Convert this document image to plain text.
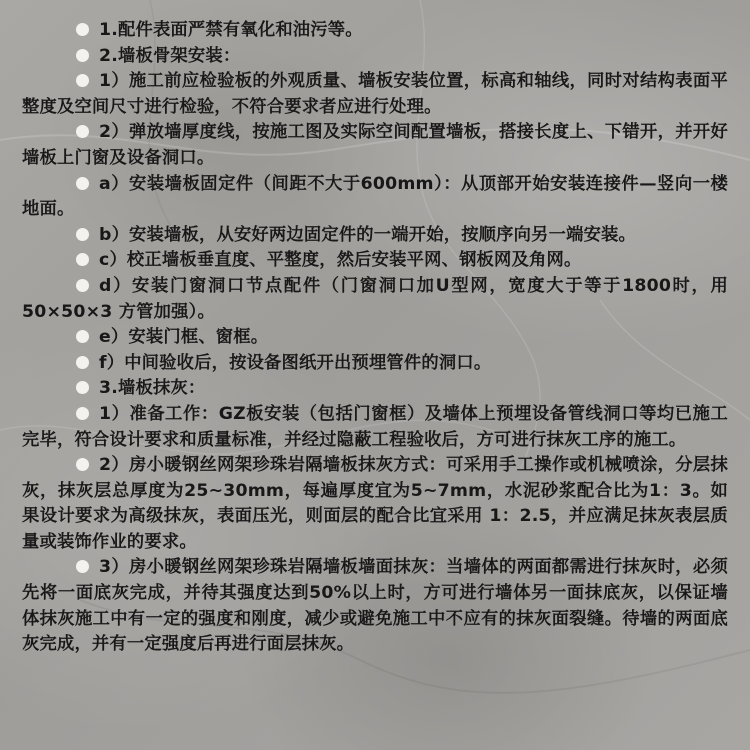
1.配件表面严禁有氧化和油污等。

2.墙板骨架安装：

1）施工前应检验板的外观质量、墙板安装位置，标高和轴线，同时对结构表面平整度及空间尺寸进行检验，不符合要求者应进行处理。

2）弹放墙厚度线，按施工图及实际空间配置墙板，搭接长度上、下错开，并开好墙板上门窗及设备洞口。

a）安装墙板固定件（间距不大于600mm）：从顶部开始安装连接件—竖向一楼地面。

b）安装墙板，从安好两边固定件的一端开始，按顺序向另一端安装。

c）校正墙板垂直度、平整度，然后安装平网、钢板网及角网。

d）安装门窗洞口节点配件（门窗洞口加U型网，宽度大于等于1800时，用50×50×3 方管加强）。

e）安装门框、窗框。

f）中间验收后，按设备图纸开出预埋管件的洞口。

3.墙板抹灰：

1）准备工作：GZ板安装（包括门窗框）及墙体上预埋设备管线洞口等均已施工完毕，符合设计要求和质量标准，并经过隐蔽工程验收后，方可进行抹灰工序的施工。

2）房小暖钢丝网架珍珠岩隔墙板抹灰方式：可采用手工操作或机械喷涂，分层抹灰，抹灰层总厚度为25~30mm，每遍厚度宜为5~7mm，水泥砂浆配合比为1：3。如果设计要求为高级抹灰，表面压光，则面层的配合比宜采用 1：2.5，并应满足抹灰表层质量或装饰作业的要求。

3）房小暖钢丝网架珍珠岩隔墙板墙面抹灰：当墙体的两面都需进行抹灰时，必须先将一面底灰完成，并待其强度达到50%以上时，方可进行墙体另一面抹底灰，以保证墙体抹灰施工中有一定的强度和刚度，减少或避免施工中不应有的抹灰面裂缝。待墙的两面底灰完成，并有一定强度后再进行面层抹灰。
